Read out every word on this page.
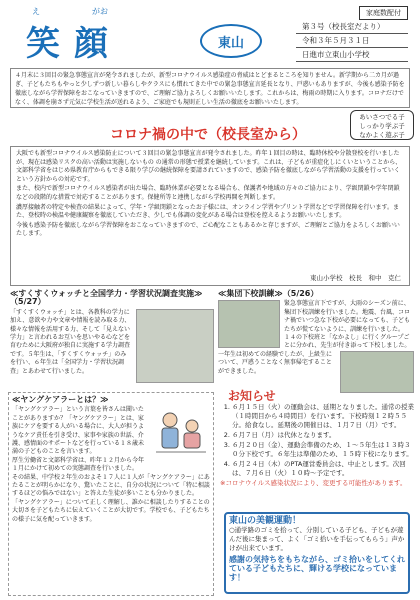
え	がお
笑顔	東山
家庭数配付
第３号（校長室だより）
令和３年５月３１日
日進市立東山小学校
４月末に３回目の緊急事態宣言が発令されましたが、新型コロナウイルス感染症の脅威はとどまるところを知りません。新学期から二カ月が過ぎ、子どもたちもやっと少しずつ新しい暮らしやクラスにも慣れてきた中での緊急事態宣言延長となり、戸惑いもありますが、今後も感染予防を徹底しながら学習保障をおこなっていきますので、ご理解ご協力よろしくお願いいたします。これからは、梅雨の時期に入ります。コロナだけでなく、体調を崩さず元気に学校生活が送れるよう、ご家庭でも規則正しい生活の徹底をお願いいたします。
コロナ禍の中で（校長室から）
あいさつでる子
しっかり学ぶ子
なかよく遊ぶ子

大阪でも新型コロナウイルス感染防止について３回目の緊急事態宣言が発令されました。昨年１回目の時は、臨時休校や分散登校を行いましたが、現在は感染リスクの高い活動は実施しないもの の通常の形態で授業を継続しています。これは、子どもが重症化しにくいということから、文部科学省をはじめ県教育庁からもできる限り学びの継続保障を要請されていますので、感染予防を徹底しながら学習活動の支援を行っていくという方針からの対応です。

また、校内で新型コロナウイルス感染者が出た場合、臨時休業が必要となる場合も、保護者や地域の方々のご協力により、学級閉鎖や学年閉鎖などの段階的な措置で対応することがあります。保健所等と連携しながら学校再開を判断します。

濃厚接触者の特定や検査の結果によって、学年・学級閉鎖となったお子様には、オンライン学習やプリント学習などで学習保障を行います。また、登校時の検温や健康観察を徹底していただき、少しでも体調の変化がある場合は登校を控えるようお願いいたします。

今後も感染予防を徹底しながら学習保障をおこなっていきますので、ご心配なこともあるかと存じますが、ご理解とご協力をよろしくお願いいたします。

東山小学校　校長　和中　克仁
≪すくすくウォッチと全国学力・学習状況調査実施≫ （5/27）
「すくすくウォッチ」とは、各教科の学力に加え、意欲や力や文章や情報を読み取る力、様々な情報を活用する力、そして「見えない学力」と言われるお互いを思いやる心などを育むために大阪府が独自に実施する学力調査です。５年生は、「すくすくウォッチ」のみを行い、６年生は「全国学力・学習状況調査」とあわせて行いました。
≪集団下校訓練≫（5/26）
緊急事態宣言下ですが、大雨のシーズン前に、集団下校訓練を行いました。地震、台風、コロナ禍でいつ急な下校が必要になっても、子どもたちが慌てないように、訓練を行いました。
１４の下校班と「なかよし」に行くグループごとに分かれ、先生が付き添って下校しました。
一年生は初めての経験でしたが、上級生について、戸惑うことなく無事帰宅することができました。
≪ヤングケアラーとは？≫
「ヤングケアラー」という言葉を皆さんは聞いたことがありますか？「ヤングケアラー」とは、家族にケアを要する人がいる場合に、大人が担うようなケア責任を引き受け、家事や家族の世話、介護、感情面のサポートなどを行っている１８歳未満の子どものことを言います。
厚生労働省と文部科学省は、昨年１２月から今年１月にかけて初めての実態調査を行いました。
その結果、中学校２年生のおよそ１７人に１人が「ヤングケアラー」にあたることが明らかになり、驚いたことに、自分の状況について「特に相談するほどの悩みではない」と答えた生徒が多いことも分かりました。
「ヤングケアラー」について正しく理解し、誰かに相談したりすることの大切さを子どもたちに伝えていくことが大切です。学校でも、子どもたちの様子に気を配っていきます。
お知らせ
1. ６月１５日（火）の運動会は、延期となりました。通常の授業（１時間目から４時間目）を行います。下校時刻１２時５５分。給食なし。延期後の開催日は、１月７日（月）です。
2. ６月７日（月）は代休となります。
3. ６月２０日（金）、運動会準備のため、１～５年生は１３時３０分下校です。６年生は準備のため、１５時下校になります。
4. ６月２４日（木）のPTA運営委員会は、中止とします。次回は、７月６日（火）１０時～予定です。
※コロナウイルス感染状況により、変更する可能性があります。
東山の美観運動！
○通学路のゴミを拾って、分別している子ども、子どもが遊んだ後に集まって、よく「ゴミ拾いを手伝ってもらう」声かけが出来ています。
感謝の気持ちをもちながら、ゴミ拾いをしてくれている子どもたちに、輝ける学校になっています！
